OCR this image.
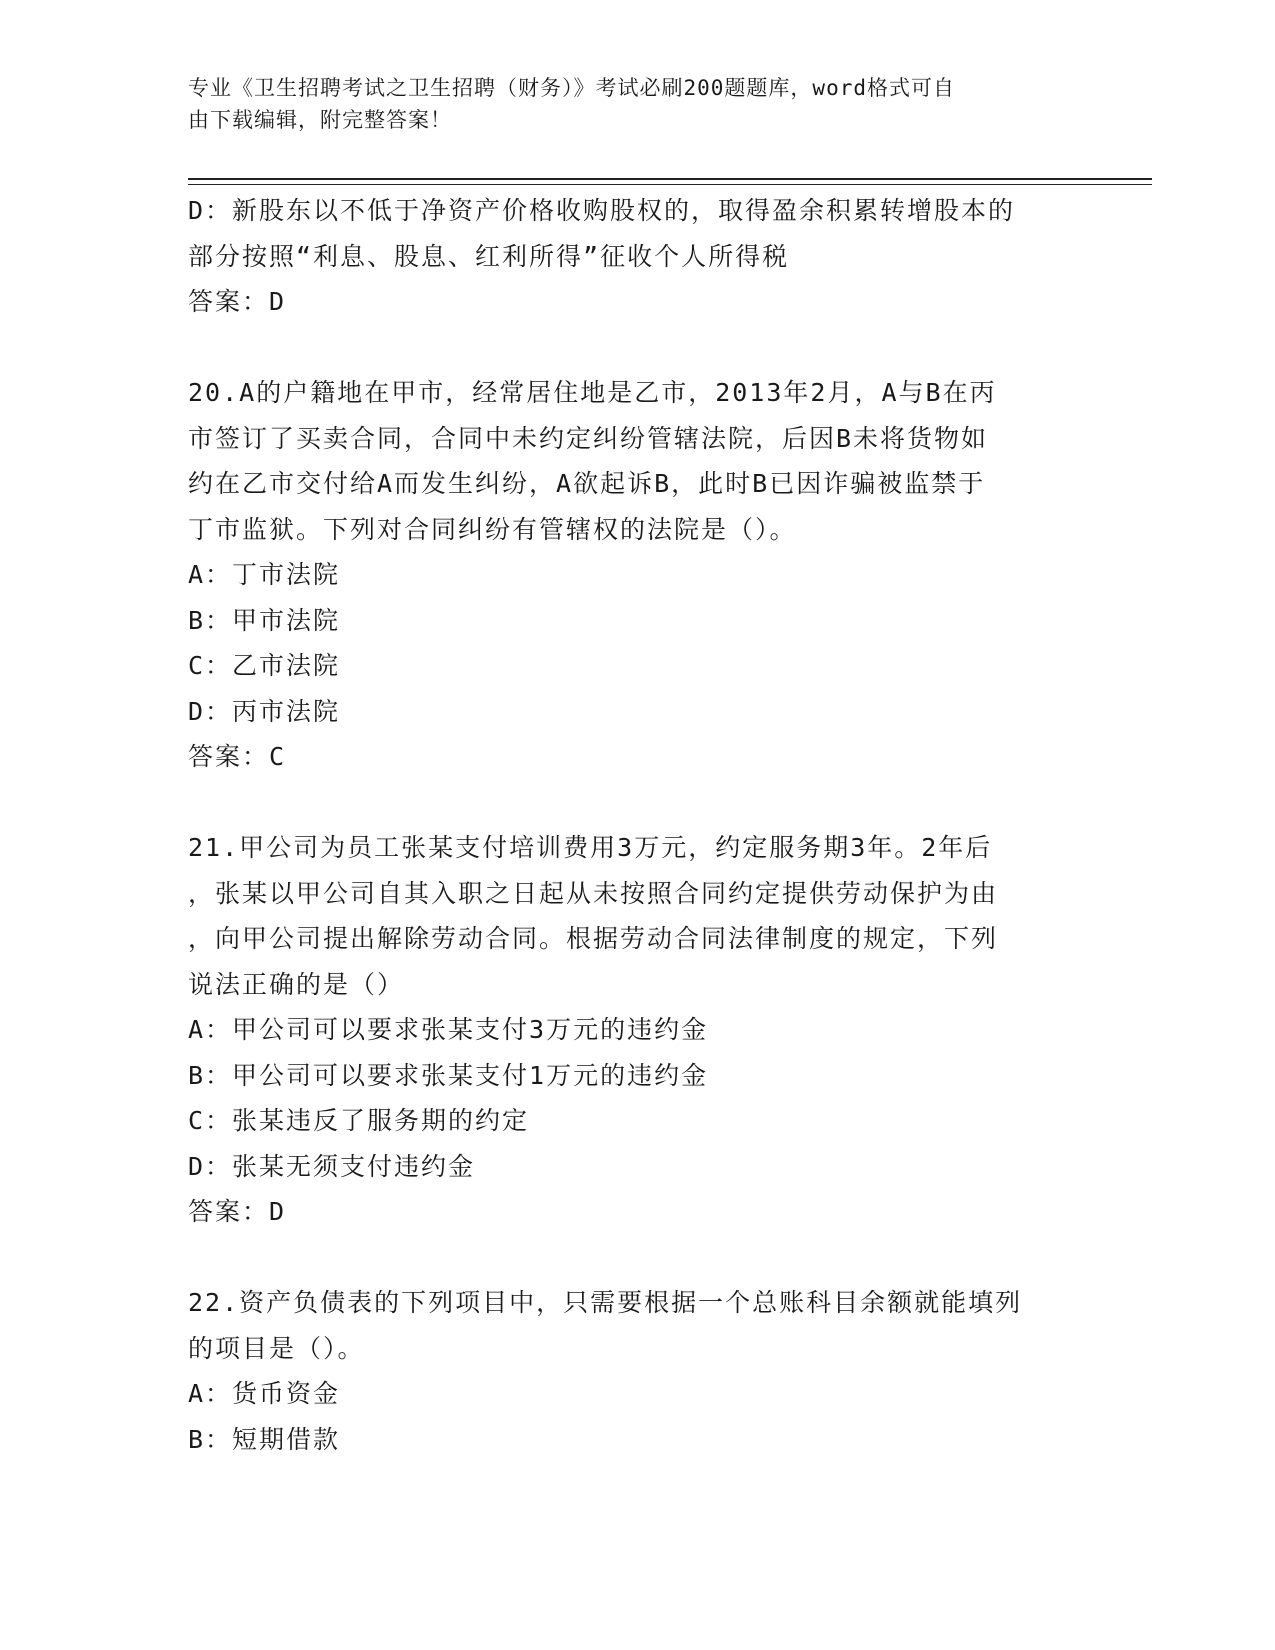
专业《卫生招聘考试之卫生招聘（财务）》考试必刷200题题库，word格式可自
由下载编辑，附完整答案！
D：新股东以不低于净资产价格收购股权的，取得盈余积累转增股本的
部分按照“利息、股息、红利所得”征收个人所得税
答案：D
20.A的户籍地在甲市，经常居住地是乙市，2013年2月，A与B在丙
市签订了买卖合同，合同中未约定纠纷管辖法院，后因B未将货物如
约在乙市交付给A而发生纠纷，A欲起诉B，此时B已因诈骗被监禁于
丁市监狱。下列对合同纠纷有管辖权的法院是（）。
A：丁市法院
B：甲市法院
C：乙市法院
D：丙市法院
答案：C
21.甲公司为员工张某支付培训费用3万元，约定服务期3年。2年后
，张某以甲公司自其入职之日起从未按照合同约定提供劳动保护为由
，向甲公司提出解除劳动合同。根据劳动合同法律制度的规定，下列
说法正确的是（）
A：甲公司可以要求张某支付3万元的违约金
B：甲公司可以要求张某支付1万元的违约金
C：张某违反了服务期的约定
D：张某无须支付违约金
答案：D
22.资产负债表的下列项目中，只需要根据一个总账科目余额就能填列
的项目是（）。
A：货币资金
B：短期借款
